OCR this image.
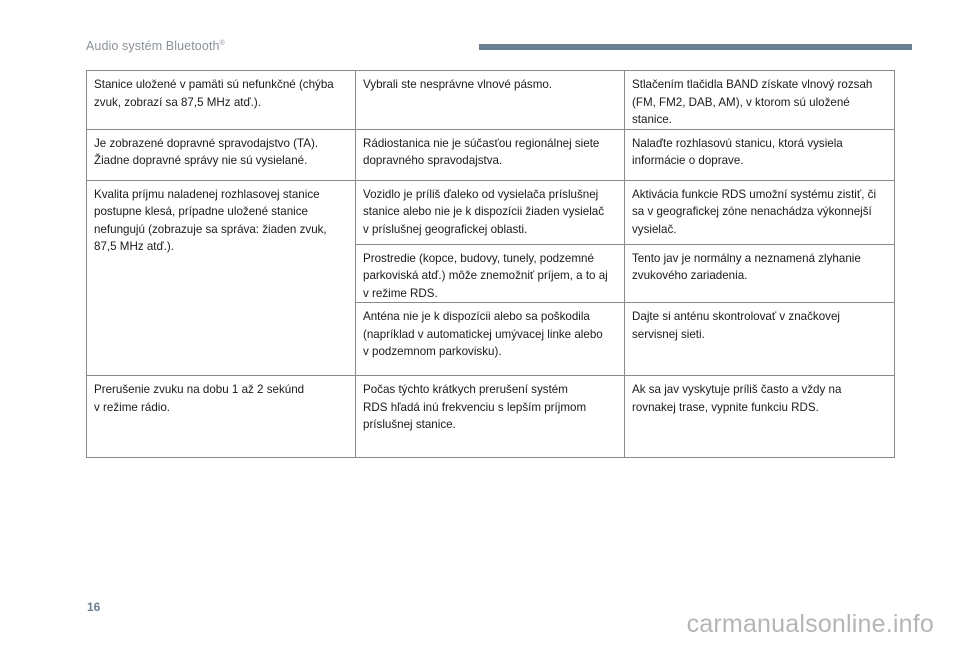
Audio systém Bluetooth®
Stanice uložené v pamäti sú nefunkčné (chýba
zvuk, zobrazí sa 87,5 MHz atď.).	Vybrali ste nesprávne vlnové pásmo.	Stlačením tlačidla BAND získate vlnový rozsah
(FM, FM2, DAB, AM), v ktorom sú uložené
stanice.

Je zobrazené dopravné spravodajstvo (TA).
Žiadne dopravné správy nie sú vysielané.	Rádiostanica nie je súčasťou regionálnej siete
dopravného spravodajstva.	Nalaďte rozhlasovú stanicu, ktorá vysiela
informácie o doprave.

Kvalita príjmu naladenej rozhlasovej stanice
postupne klesá, prípadne uložené stanice
nefungujú (zobrazuje sa správa: žiaden zvuk,
87,5 MHz atď.).	Vozidlo je príliš ďaleko od vysielača príslušnej
stanice alebo nie je k dispozícii žiaden vysielač
v príslušnej geografickej oblasti.	Aktivácia funkcie RDS umožní systému zistiť, či
sa v geografickej zóne nenachádza výkonnejší
vysielač.

	Prostredie (kopce, budovy, tunely, podzemné
parkoviská atď.) môže znemožniť príjem, a to aj
v režime RDS.	Tento jav je normálny a neznamená zlyhanie
zvukového zariadenia.

	Anténa nie je k dispozícii alebo sa poškodila
(napríklad v automatickej umývacej linke alebo
v podzemnom parkovisku).	Dajte si anténu skontrolovať v značkovej
servisnej sieti.

Prerušenie zvuku na dobu 1 až 2 sekúnd
v režime rádio.	Počas týchto krátkych prerušení systém
RDS hľadá inú frekvenciu s lepším príjmom
príslušnej stanice.	Ak sa jav vyskytuje príliš často a vždy na
rovnakej trase, vypnite funkciu RDS.
16
carmanualsonline.info
